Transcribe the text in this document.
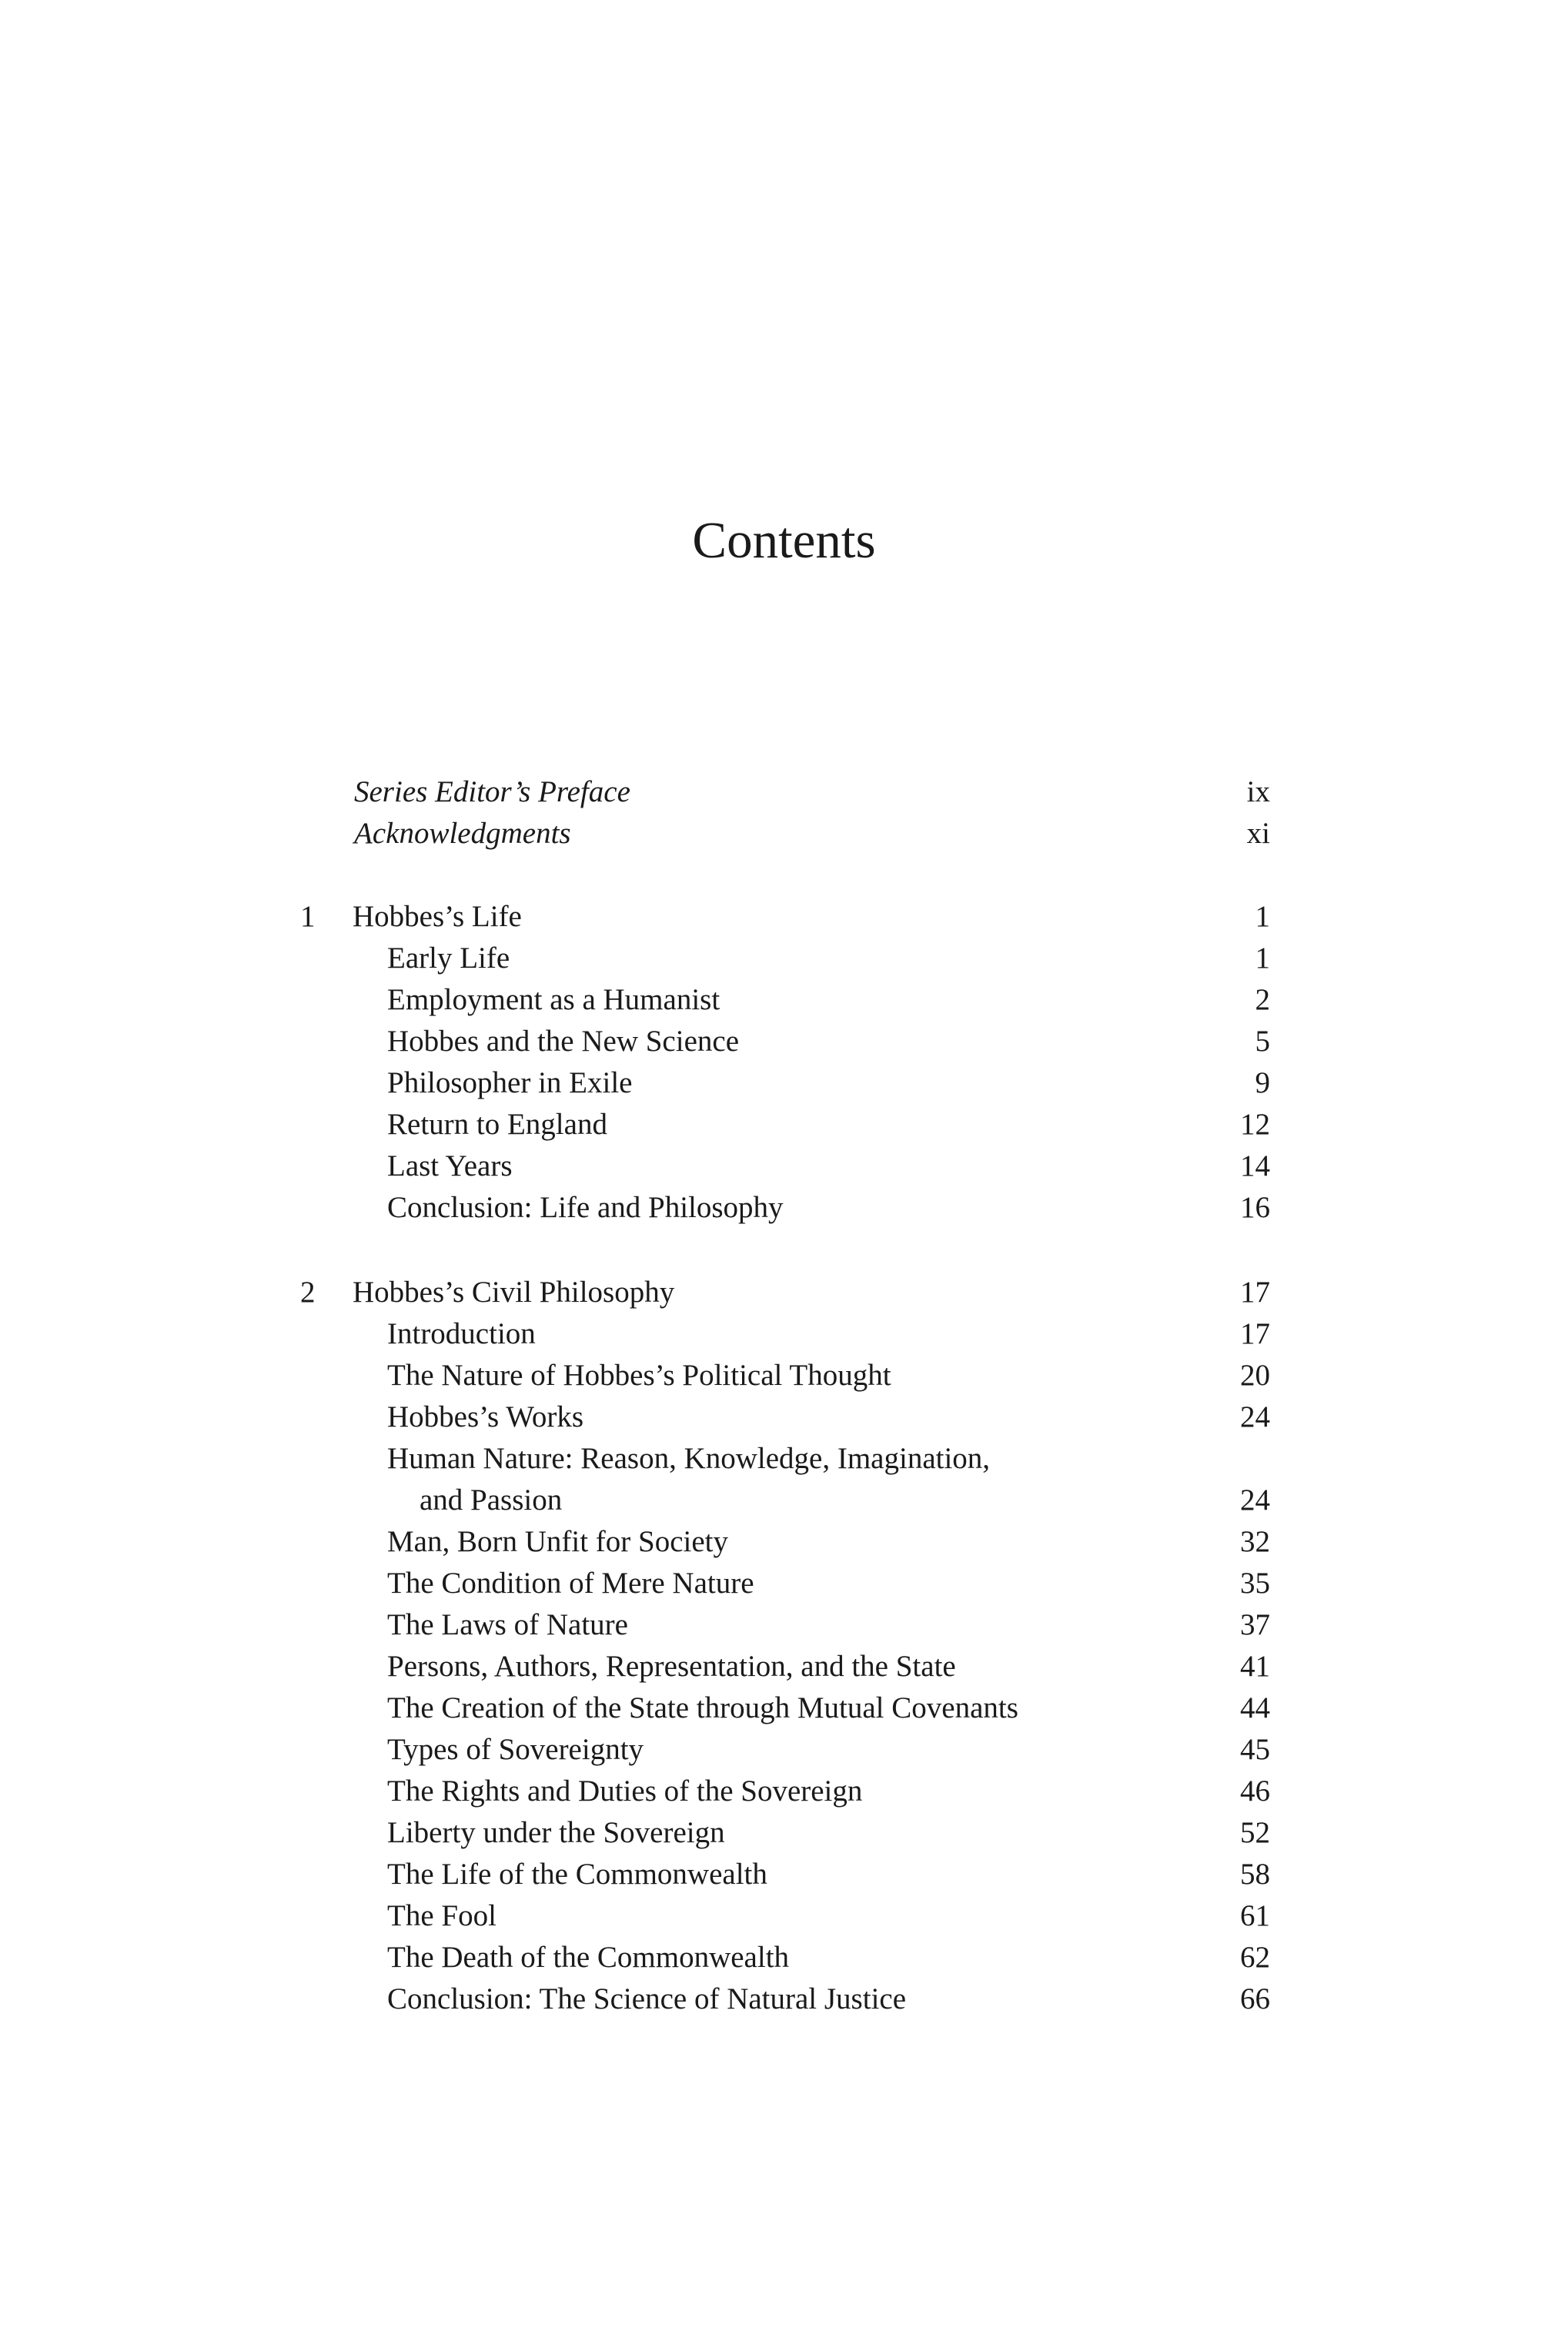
Contents
Series Editor’s Preface	ix
Acknowledgments	xi
1	Hobbes’s Life	1
Early Life	1
Employment as a Humanist	2
Hobbes and the New Science	5
Philosopher in Exile	9
Return to England	12
Last Years	14
Conclusion: Life and Philosophy	16
2	Hobbes’s Civil Philosophy	17
Introduction	17
The Nature of Hobbes’s Political Thought	20
Hobbes’s Works	24
Human Nature: Reason, Knowledge, Imagination,
and Passion	24
Man, Born Unfit for Society	32
The Condition of Mere Nature	35
The Laws of Nature	37
Persons, Authors, Representation, and the State	41
The Creation of the State through Mutual Covenants	44
Types of Sovereignty	45
The Rights and Duties of the Sovereign	46
Liberty under the Sovereign	52
The Life of the Commonwealth	58
The Fool	61
The Death of the Commonwealth	62
Conclusion: The Science of Natural Justice	66
